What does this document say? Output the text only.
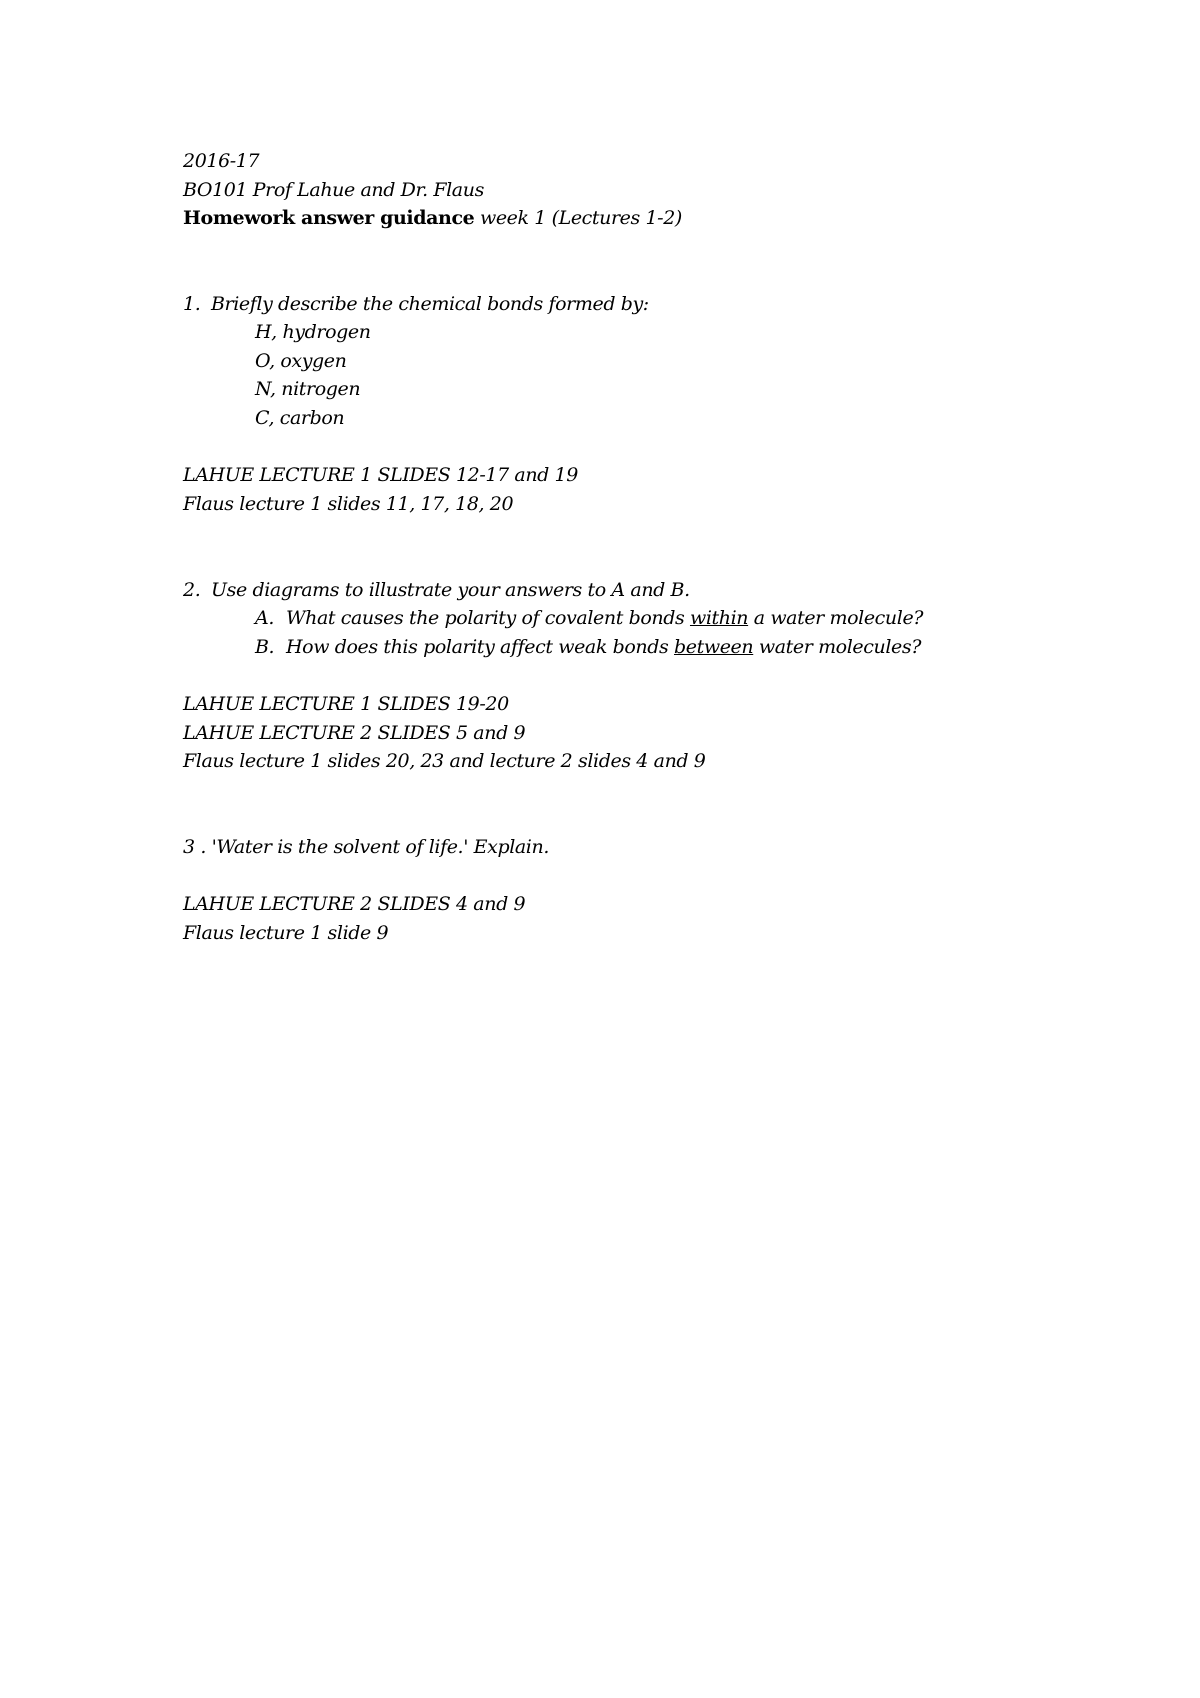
2016-17

BO101 Prof Lahue and Dr. Flaus

Homework answer guidance week 1 (Lectures 1-2)

1. Briefly describe the chemical bonds formed by:

H, hydrogen

O, oxygen

N, nitrogen

C, carbon

LAHUE LECTURE 1 SLIDES 12-17 and 19

Flaus lecture 1 slides 11, 17, 18, 20

2. Use diagrams to illustrate your answers to A and B.

A. What causes the polarity of covalent bonds within a water molecule?

B. How does this polarity affect weak bonds between water molecules?

LAHUE LECTURE 1 SLIDES 19-20

LAHUE LECTURE 2 SLIDES 5 and 9

Flaus lecture 1 slides 20, 23 and lecture 2 slides 4 and 9

3 . 'Water is the solvent of life.' Explain.

LAHUE LECTURE 2 SLIDES 4 and 9

Flaus lecture 1 slide 9
